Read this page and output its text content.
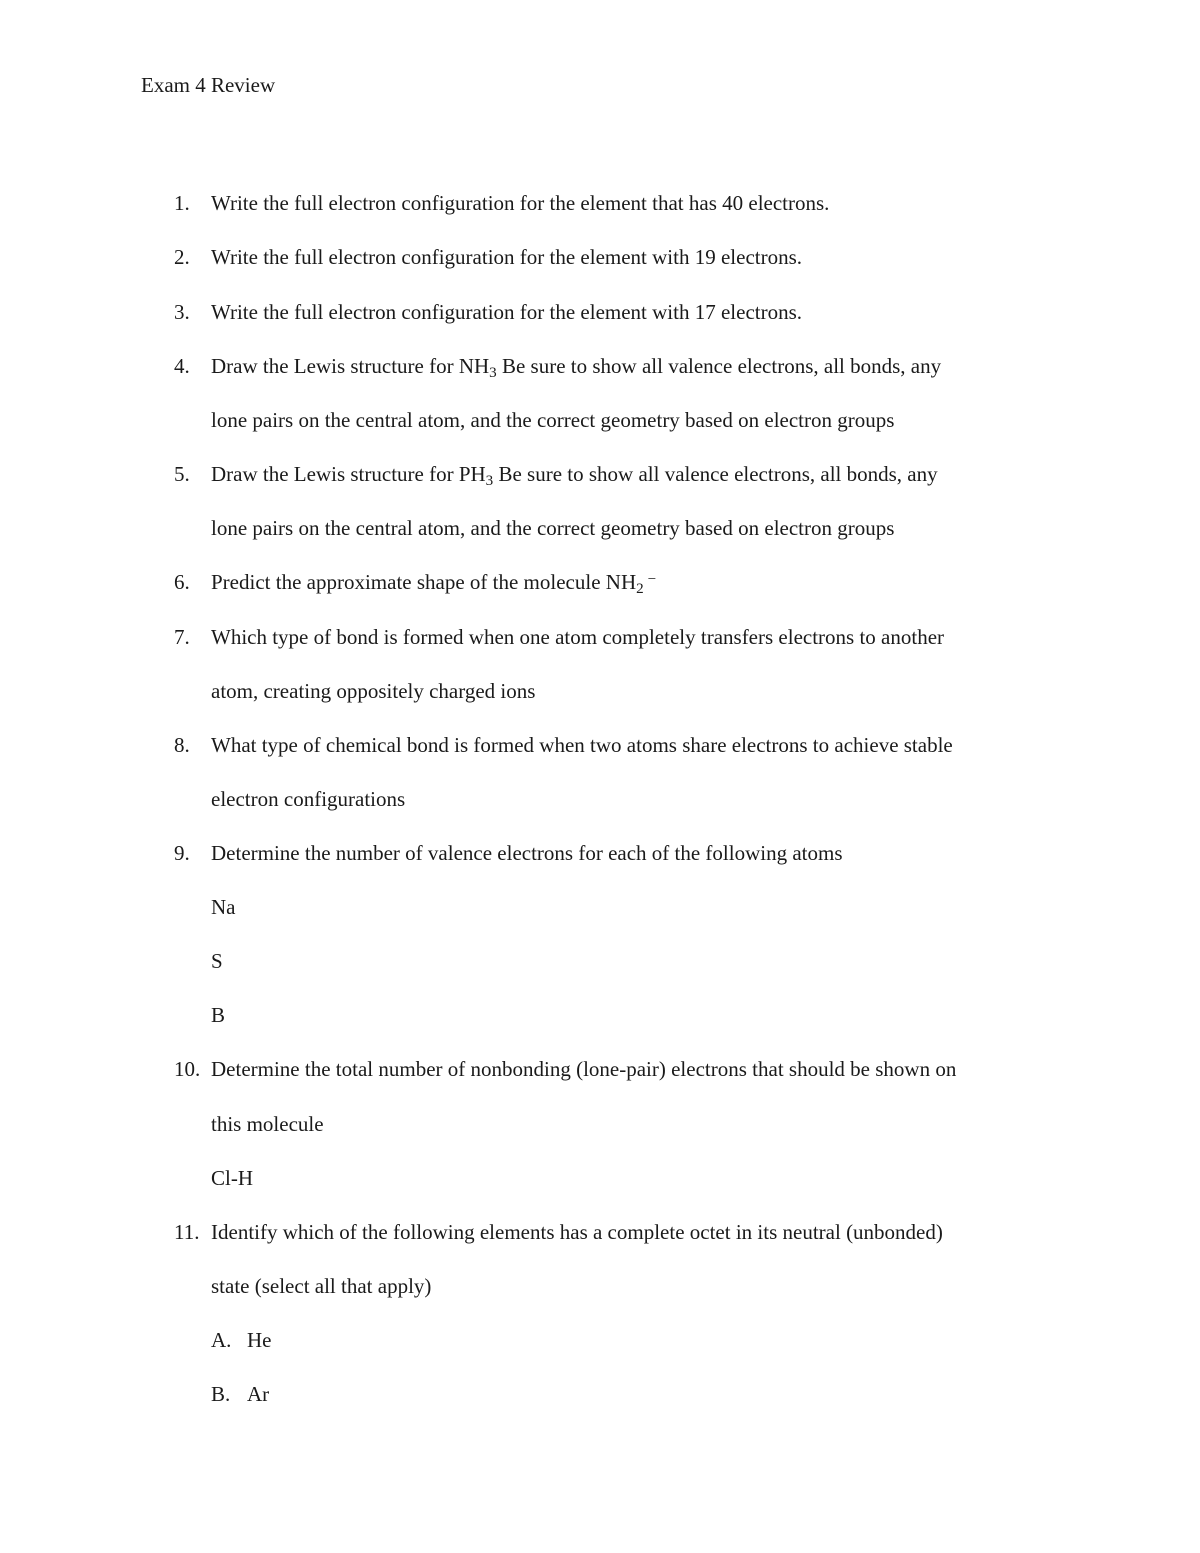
Exam 4 Review
1. Write the full electron configuration for the element that has 40 electrons.
2. Write the full electron configuration for the element with 19 electrons.
3. Write the full electron configuration for the element with 17 electrons.
4. Draw the Lewis structure for $NH_3$ Be sure to show all valence electrons, all bonds, any
lone pairs on the central atom, and the correct geometry based on electron groups
5. Draw the Lewis structure for $PH_3$ Be sure to show all valence electrons, all bonds, any
lone pairs on the central atom, and the correct geometry based on electron groups
6. Predict the approximate shape of the molecule $NH_2$ −
7. Which type of bond is formed when one atom completely transfers electrons to another
atom, creating oppositely charged ions
8. What type of chemical bond is formed when two atoms share electrons to achieve stable
electron configurations
9. Determine the number of valence electrons for each of the following atoms
Na
S
B
10. Determine the total number of nonbonding (lone-pair) electrons that should be shown on
this molecule
Cl-H
11. Identify which of the following elements has a complete octet in its neutral (unbonded)
state (select all that apply)
A. He
B. Ar
